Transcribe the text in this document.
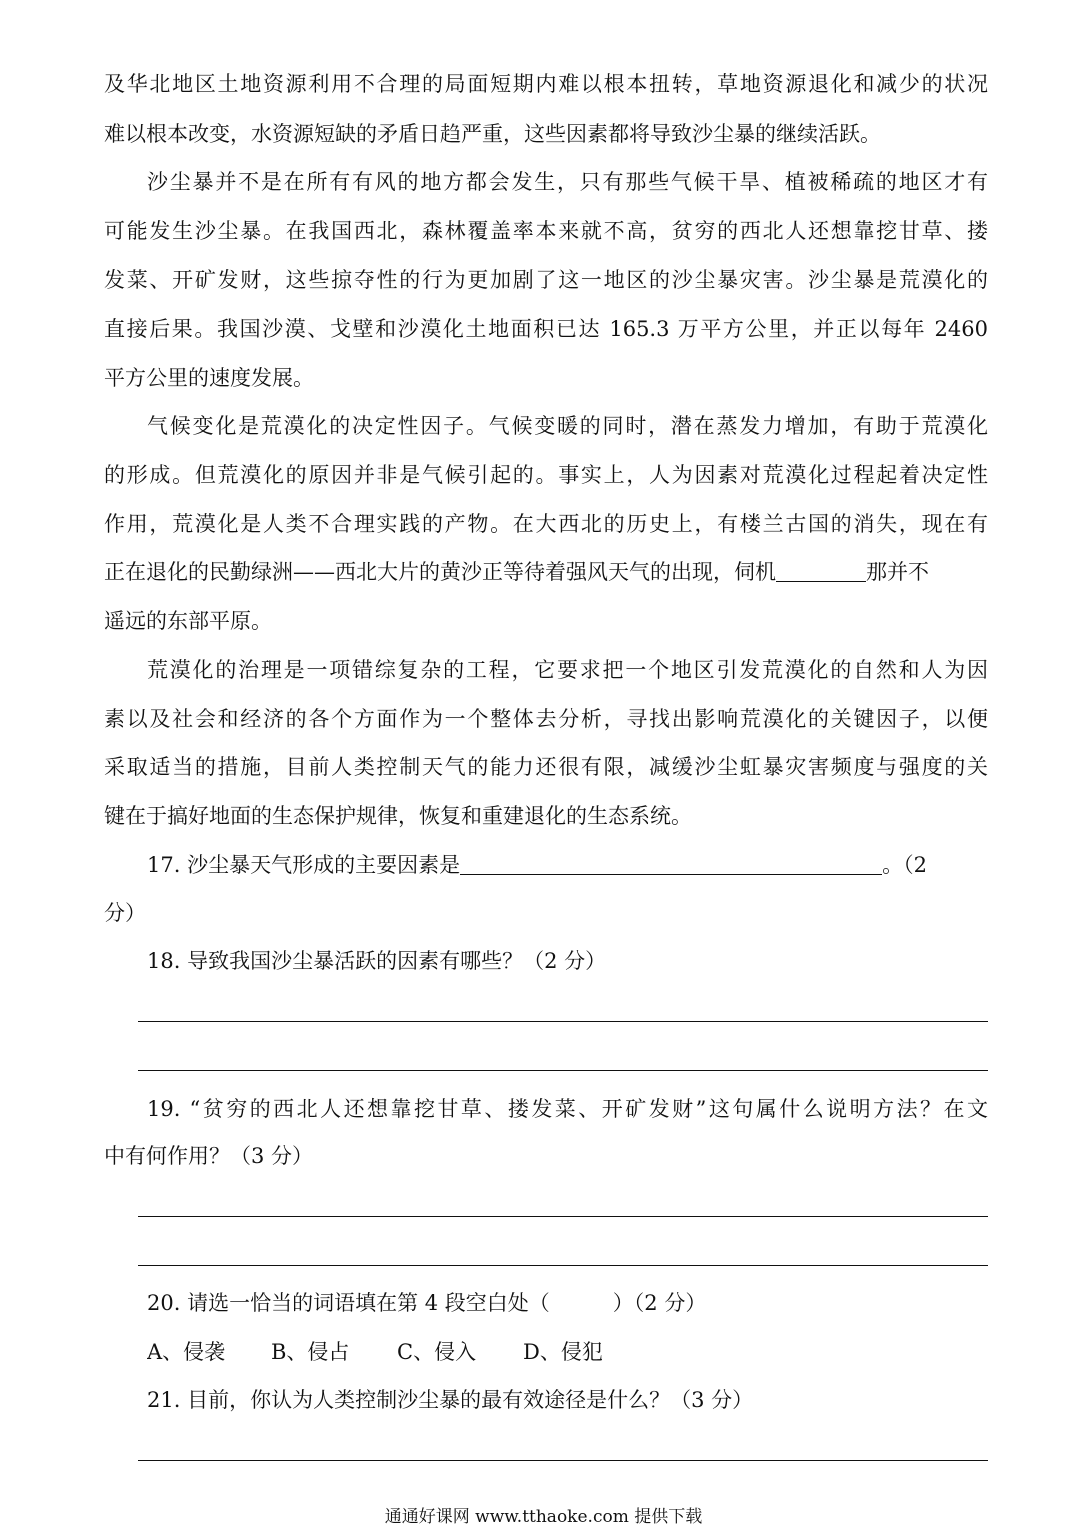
及华北地区土地资源利用不合理的局面短期内难以根本扭转，草地资源退化和减少的状况
难以根本改变，水资源短缺的矛盾日趋严重，这些因素都将导致沙尘暴的继续活跃。
沙尘暴并不是在所有有风的地方都会发生，只有那些气候干旱、植被稀疏的地区才有
可能发生沙尘暴。在我国西北，森林覆盖率本来就不高，贫穷的西北人还想靠挖甘草、搂
发菜、开矿发财，这些掠夺性的行为更加剧了这一地区的沙尘暴灾害。沙尘暴是荒漠化的
直接后果。我国沙漠、戈壁和沙漠化土地面积已达 165.3 万平方公里，并正以每年 2460
平方公里的速度发展。
气候变化是荒漠化的决定性因子。气候变暖的同时，潜在蒸发力增加，有助于荒漠化
的形成。但荒漠化的原因并非是气候引起的。事实上，人为因素对荒漠化过程起着决定性
作用，荒漠化是人类不合理实践的产物。在大西北的历史上，有楼兰古国的消失，现在有
正在退化的民勤绿洲——西北大片的黄沙正等待着强风天气的出现，伺机	那并不
遥远的东部平原。
荒漠化的治理是一项错综复杂的工程，它要求把一个地区引发荒漠化的自然和人为因
素以及社会和经济的各个方面作为一个整体去分析，寻找出影响荒漠化的关键因子，以便
采取适当的措施，目前人类控制天气的能力还很有限，减缓沙尘虹暴灾害频度与强度的关
键在于搞好地面的生态保护规律，恢复和重建退化的生态系统。
17. 沙尘暴天气形成的主要因素是	。（2
分）
18. 导致我国沙尘暴活跃的因素有哪些？（2 分）
19. “贫穷的西北人还想靠挖甘草、搂发菜、开矿发财”这句属什么说明方法？在文
中有何作用？（3 分）
20. 请选一恰当的词语填在第 4 段空白处（　　　）（2 分）
A、侵袭 B、侵占 C、侵入 D、侵犯
21. 目前，你认为人类控制沙尘暴的最有效途径是什么？（3 分）
通通好课网 www.tthaoke.com 提供下载
